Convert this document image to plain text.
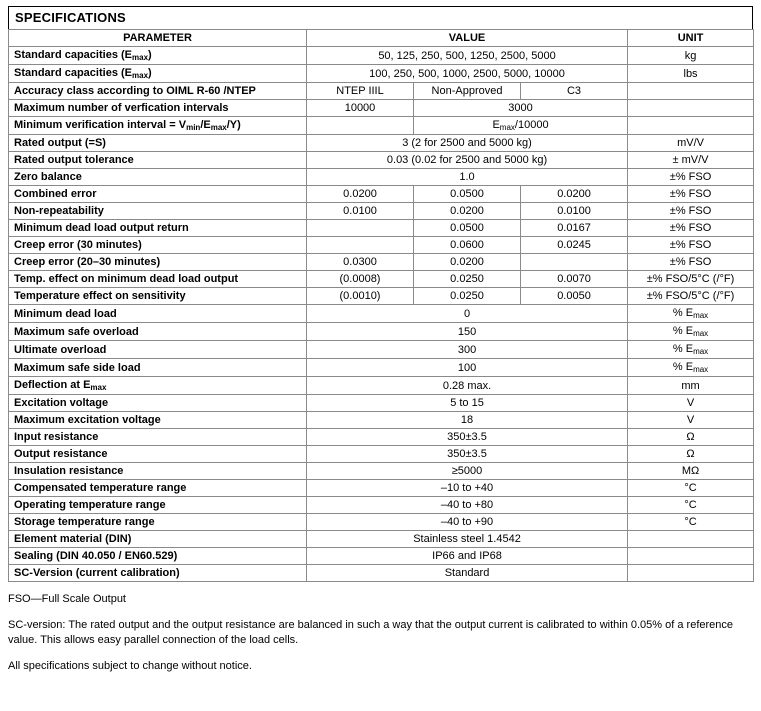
SPECIFICATIONS
PARAMETER	VALUE			UNIT
Standard capacities $(E_{max})$	50, 125, 250, 500, 1250, 2500, 5000			kg
Standard capacities $(E_{max})$	100, 250, 500, 1000, 2500, 5000, 10000			lbs
Accuracy class according to OIML R-60 /NTEP	NTEP IIIL	Non-Approved	C3	
Maximum number of verfication intervals	10000	3000		
Minimum verification interval = $V_{min}/E_{max}/Y$)		$E_{max}/10000$		
Rated output (=S)	3 (2 for 2500 and 5000 kg)			mV/V
Rated output tolerance	0.03 (0.02 for 2500 and 5000 kg)			± mV/V
Zero balance	1.0			±% FSO
Combined error	0.0200	0.0500	0.0200	±% FSO
Non-repeatability	0.0100	0.0200	0.0100	±% FSO
Minimum dead load output return		0.0500	0.0167	±% FSO
Creep error (30 minutes)		0.0600	0.0245	±% FSO
Creep error (20–30 minutes)	0.0300	0.0200		±% FSO
Temp. effect on minimum dead load output	(0.0008)	0.0250	0.0070	±% FSO/5°C (/°F)
Temperature effect on sensitivity	(0.0010)	0.0250	0.0050	±% FSO/5°C (/°F)
Minimum dead load	0			% $E_{max}$
Maximum safe overload	150			% $E_{max}$
Ultimate overload	300			% $E_{max}$
Maximum safe side load	100			% $E_{max}$
Deflection at $E_{max}$	0.28 max.			mm
Excitation voltage	5 to 15			V
Maximum excitation voltage	18			V
Input resistance	350±3.5			Ω
Output resistance	350±3.5			Ω
Insulation resistance	≥5000			MΩ
Compensated temperature range	–10 to +40			°C
Operating temperature range	–40 to +80			°C
Storage temperature range	–40 to +90			°C
Element material (DIN)	Stainless steel 1.4542			
Sealing (DIN 40.050 / EN60.529)	IP66 and IP68			
SC-Version (current calibration)	Standard			

FSO—Full Scale Output

SC-version: The rated output and the output resistance are balanced in such a way that the output current is calibrated to within 0.05% of a reference value. This allows easy parallel connection of the load cells.

All specifications subject to change without notice.
